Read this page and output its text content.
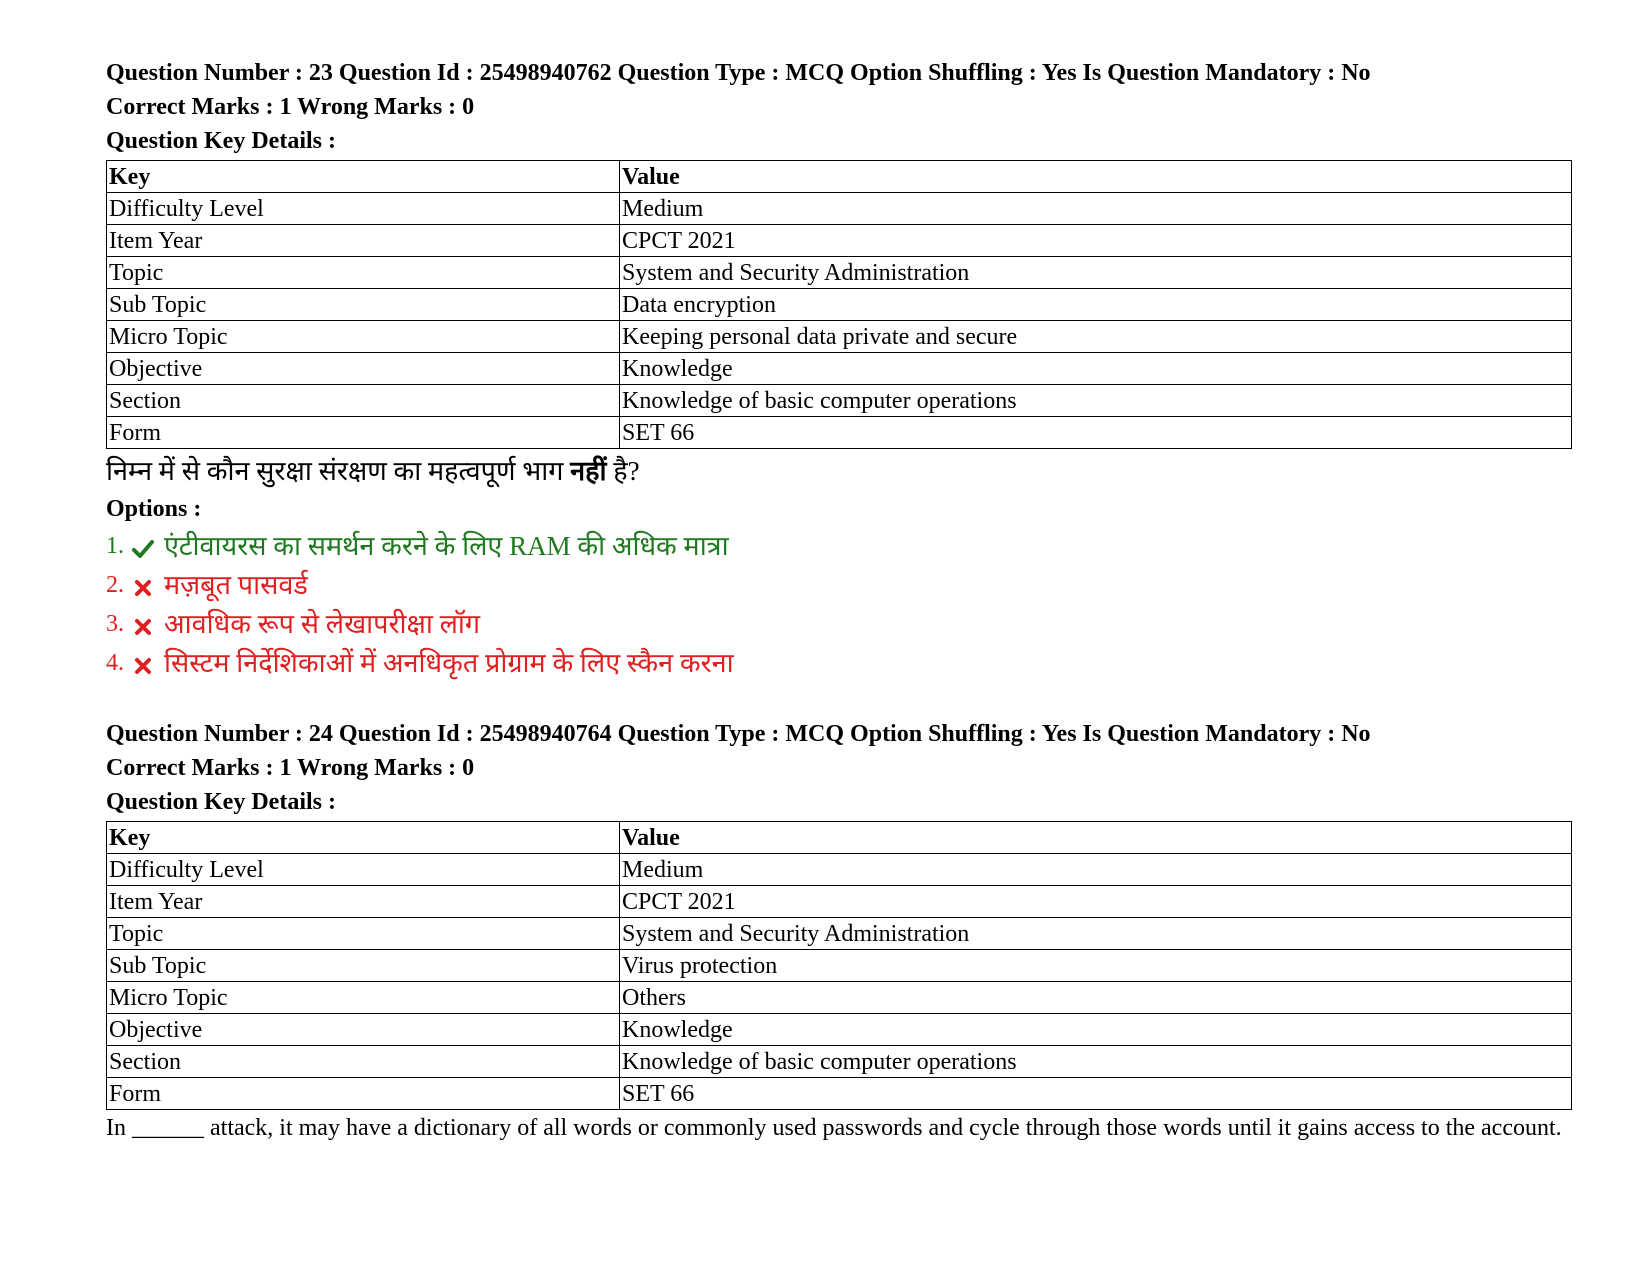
Question Number : 23 Question Id : 25498940762 Question Type : MCQ Option Shuffling : Yes Is Question Mandatory : No
Correct Marks : 1 Wrong Marks : 0
Question Key Details :
Key	Value
Difficulty Level	Medium
Item Year	CPCT 2021
Topic	System and Security Administration
Sub Topic	Data encryption
Micro Topic	Keeping personal data private and secure
Objective	Knowledge
Section	Knowledge of basic computer operations
Form	SET 66
निम्न में से कौन सुरक्षा संरक्षण का महत्वपूर्ण भाग नहीं है?
Options :
1. एंटीवायरस का समर्थन करने के लिए RAM की अधिक मात्रा
2. मज़बूत पासवर्ड
3. आवधिक रूप से लेखापरीक्षा लॉग
4. सिस्टम निर्देशिकाओं में अनधिकृत प्रोग्राम के लिए स्कैन करना
Question Number : 24 Question Id : 25498940764 Question Type : MCQ Option Shuffling : Yes Is Question Mandatory : No
Correct Marks : 1 Wrong Marks : 0
Question Key Details :
Key	Value
Difficulty Level	Medium
Item Year	CPCT 2021
Topic	System and Security Administration
Sub Topic	Virus protection
Micro Topic	Others
Objective	Knowledge
Section	Knowledge of basic computer operations
Form	SET 66
In ______ attack, it may have a dictionary of all words or commonly used passwords and cycle through those words until it gains access to the account.
